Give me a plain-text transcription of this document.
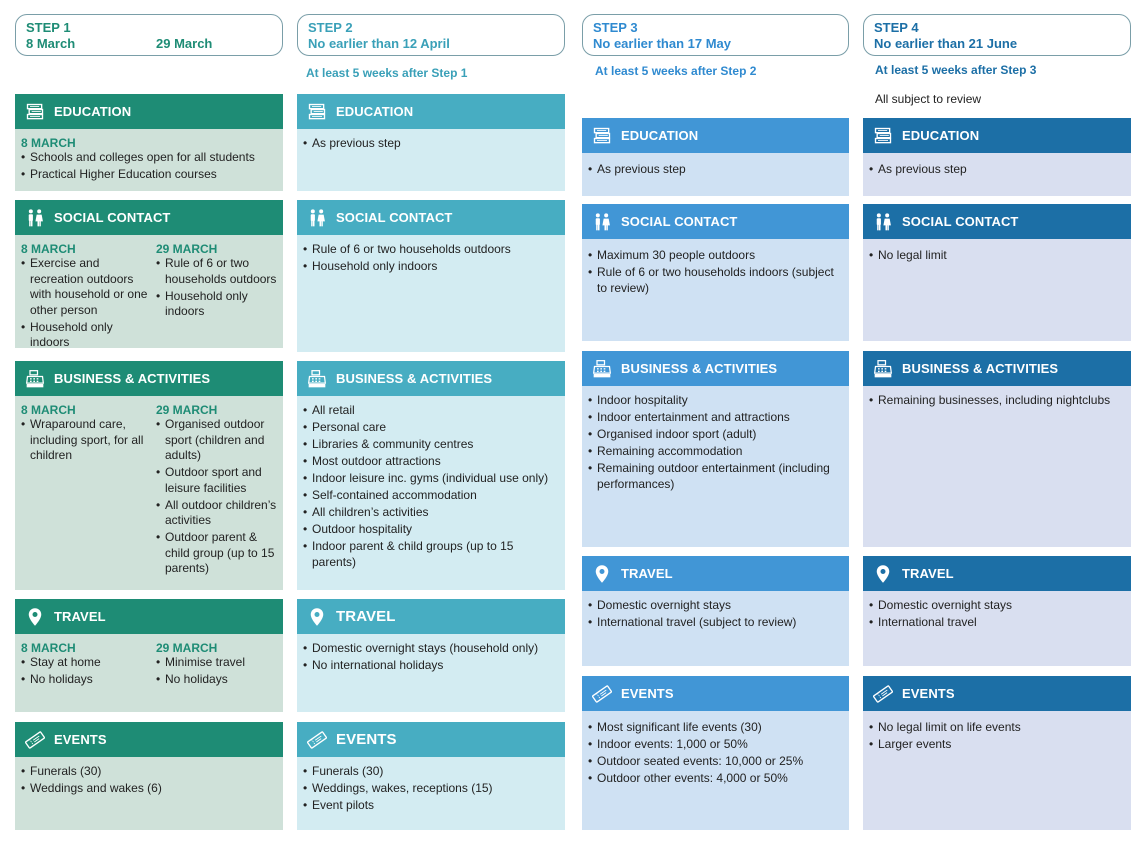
STEP 1
8 March	29 March
STEP 2
No earlier than 12 April
STEP 3
No earlier than 17 May
STEP 4
No earlier than 21 June
At least 5 weeks after Step 1	At least 5 weeks after Step 2	At least 5 weeks after Step 3
All subject to review
EDUCATION
8 MARCH
• Schools and colleges open for all students
• Practical Higher Education courses
SOCIAL CONTACT
8 MARCH
• Exercise and recreation outdoors with household or one other person
• Household only indoors
29 MARCH
• Rule of 6 or two households outdoors
• Household only indoors
BUSINESS & ACTIVITIES
8 MARCH
• Wraparound care, including sport, for all children
29 MARCH
• Organised outdoor sport (children and adults)
• Outdoor sport and leisure facilities
• All outdoor children’s activities
• Outdoor parent & child group (up to 15 parents)
TRAVEL
8 MARCH
• Stay at home
• No holidays
29 MARCH
• Minimise travel
• No holidays
EVENTS
• Funerals (30)
• Weddings and wakes (6)
EDUCATION
• As previous step
SOCIAL CONTACT
• Rule of 6 or two households outdoors
• Household only indoors
BUSINESS & ACTIVITIES
• All retail
• Personal care
• Libraries & community centres
• Most outdoor attractions
• Indoor leisure inc. gyms (individual use only)
• Self-contained accommodation
• All children’s activities
• Outdoor hospitality
• Indoor parent & child groups (up to 15 parents)
TRAVEL
• Domestic overnight stays (household only)
• No international holidays
EVENTS
• Funerals (30)
• Weddings, wakes, receptions (15)
• Event pilots
EDUCATION
• As previous step
SOCIAL CONTACT
• Maximum 30 people outdoors
• Rule of 6 or two households indoors (subject to review)
BUSINESS & ACTIVITIES
• Indoor hospitality
• Indoor entertainment and attractions
• Organised indoor sport (adult)
• Remaining accommodation
• Remaining outdoor entertainment (including performances)
TRAVEL
• Domestic overnight stays
• International travel (subject to review)
EVENTS
• Most significant life events (30)
• Indoor events: 1,000 or 50%
• Outdoor seated events: 10,000 or 25%
• Outdoor other events: 4,000 or 50%
EDUCATION
• As previous step
SOCIAL CONTACT
• No legal limit
BUSINESS & ACTIVITIES
• Remaining businesses, including nightclubs
TRAVEL
• Domestic overnight stays
• International travel
EVENTS
• No legal limit on life events
• Larger events
